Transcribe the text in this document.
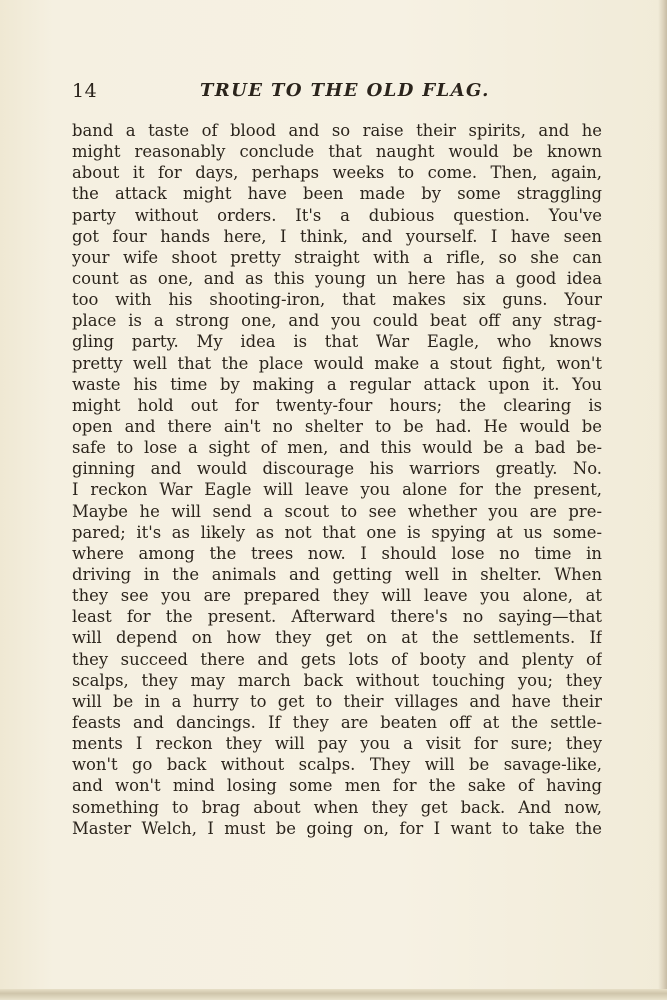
14	TRUE TO THE OLD FLAG.
band a taste of blood and so raise their spirits, and he
might reasonably conclude that naught would be known
about it for days, perhaps weeks to come. Then, again,
the attack might have been made by some straggling
party without orders. It's a dubious question. You've
got four hands here, I think, and yourself. I have seen
your wife shoot pretty straight with a rifle, so she can
count as one, and as this young un here has a good idea
too with his shooting-iron, that makes six guns. Your
place is a strong one, and you could beat off any strag-
gling party. My idea is that War Eagle, who knows
pretty well that the place would make a stout fight, won't
waste his time by making a regular attack upon it. You
might hold out for twenty-four hours; the clearing is
open and there ain't no shelter to be had. He would be
safe to lose a sight of men, and this would be a bad be-
ginning and would discourage his warriors greatly. No.
I reckon War Eagle will leave you alone for the present,
Maybe he will send a scout to see whether you are pre-
pared; it's as likely as not that one is spying at us some-
where among the trees now. I should lose no time in
driving in the animals and getting well in shelter. When
they see you are prepared they will leave you alone, at
least for the present. Afterward there's no saying—that
will depend on how they get on at the settlements. If
they succeed there and gets lots of booty and plenty of
scalps, they may march back without touching you; they
will be in a hurry to get to their villages and have their
feasts and dancings. If they are beaten off at the settle-
ments I reckon they will pay you a visit for sure; they
won't go back without scalps. They will be savage-like,
and won't mind losing some men for the sake of having
something to brag about when they get back. And now,
Master Welch, I must be going on, for I want to take the
